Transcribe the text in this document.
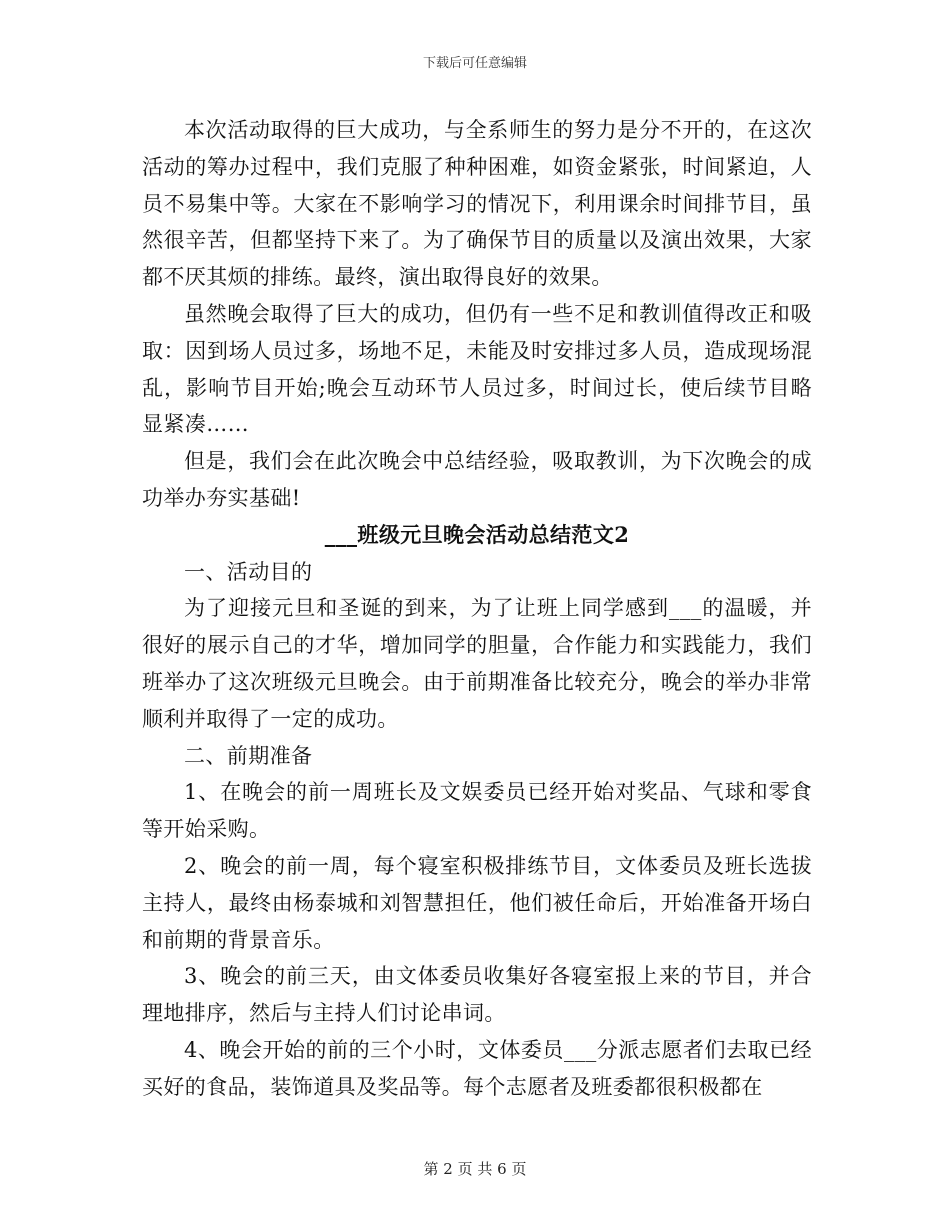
下载后可任意编辑

本次活动取得的巨大成功，与全系师生的努力是分不开的，在这次活动的筹办过程中，我们克服了种种困难，如资金紧张，时间紧迫，人员不易集中等。大家在不影响学习的情况下，利用课余时间排节目，虽然很辛苦，但都坚持下来了。为了确保节目的质量以及演出效果，大家都不厌其烦的排练。最终，演出取得良好的效果。

虽然晚会取得了巨大的成功，但仍有一些不足和教训值得改正和吸取：因到场人员过多，场地不足，未能及时安排过多人员，造成现场混乱，影响节目开始;晚会互动环节人员过多，时间过长，使后续节目略显紧凑……

但是，我们会在此次晚会中总结经验，吸取教训，为下次晚会的成功举办夯实基础!

___班级元旦晚会活动总结范文2

一、活动目的

为了迎接元旦和圣诞的到来，为了让班上同学感到___的温暖，并很好的展示自己的才华，增加同学的胆量，合作能力和实践能力，我们班举办了这次班级元旦晚会。由于前期准备比较充分，晚会的举办非常顺利并取得了一定的成功。

二、前期准备

1、在晚会的前一周班长及文娱委员已经开始对奖品、气球和零食等开始采购。

2、晚会的前一周，每个寝室积极排练节目，文体委员及班长选拔主持人，最终由杨泰城和刘智慧担任，他们被任命后，开始准备开场白和前期的背景音乐。

3、晚会的前三天，由文体委员收集好各寝室报上来的节目，并合理地排序，然后与主持人们讨论串词。

4、晚会开始的前的三个小时，文体委员___分派志愿者们去取已经买好的食品，装饰道具及奖品等。每个志愿者及班委都很积极都在

第 2 页 共 6 页
